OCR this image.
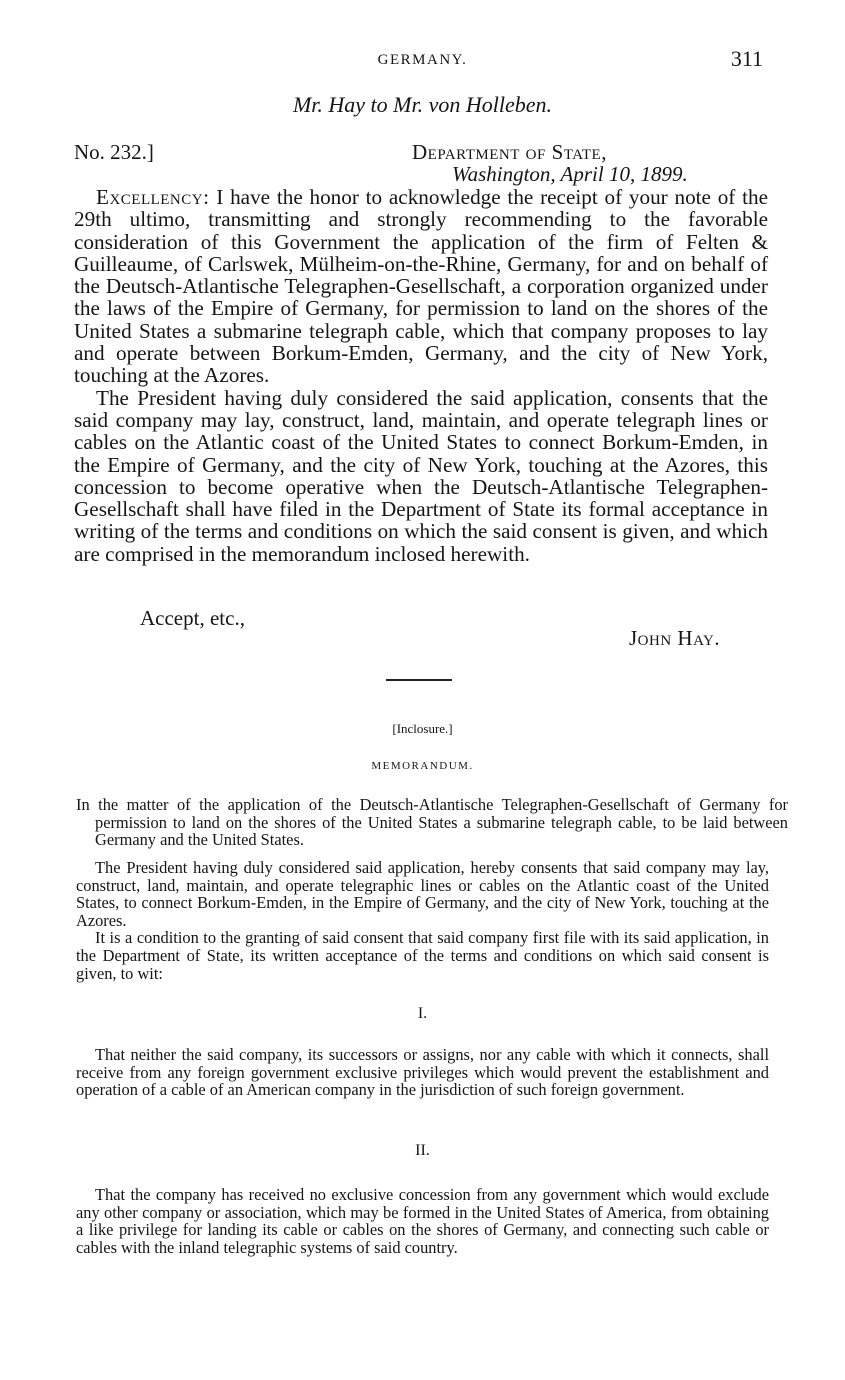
GERMANY.	311
Mr. Hay to Mr. von Holleben.
No. 232.]	Department of State,
Washington, April 10, 1899.

Excellency: I have the honor to acknowledge the receipt of your note of the 29th ultimo, transmitting and strongly recommending to the favorable consideration of this Government the application of the firm of Felten & Guilleaume, of Carlswek, Mülheim-on-the-Rhine, Germany, for and on behalf of the Deutsch-Atlantische Telegraphen-Gesellschaft, a corporation organized under the laws of the Empire of Germany, for permission to land on the shores of the United States a submarine telegraph cable, which that company proposes to lay and operate between Borkum-Emden, Germany, and the city of New York, touching at the Azores.

The President having duly considered the said application, consents that the said company may lay, construct, land, maintain, and operate telegraph lines or cables on the Atlantic coast of the United States to connect Borkum-Emden, in the Empire of Germany, and the city of New York, touching at the Azores, this concession to become operative when the Deutsch-Atlantische Telegraphen-Gesellschaft shall have filed in the Department of State its formal acceptance in writing of the terms and conditions on which the said consent is given, and which are comprised in the memorandum inclosed herewith.

Accept, etc.,
John Hay.
[Inclosure.]
MEMORANDUM.

In the matter of the application of the Deutsch-Atlantische Telegraphen-Gesellschaft of Germany for permission to land on the shores of the United States a submarine telegraph cable, to be laid between Germany and the United States.

The President having duly considered said application, hereby consents that said company may lay, construct, land, maintain, and operate telegraphic lines or cables on the Atlantic coast of the United States, to connect Borkum-Emden, in the Empire of Germany, and the city of New York, touching at the Azores.

It is a condition to the granting of said consent that said company first file with its said application, in the Department of State, its written acceptance of the terms and conditions on which said consent is given, to wit:

I.

That neither the said company, its successors or assigns, nor any cable with which it connects, shall receive from any foreign government exclusive privileges which would prevent the establishment and operation of a cable of an American company in the jurisdiction of such foreign government.

II.

That the company has received no exclusive concession from any government which would exclude any other company or association, which may be formed in the United States of America, from obtaining a like privilege for landing its cable or cables on the shores of Germany, and connecting such cable or cables with the inland telegraphic systems of said country.
